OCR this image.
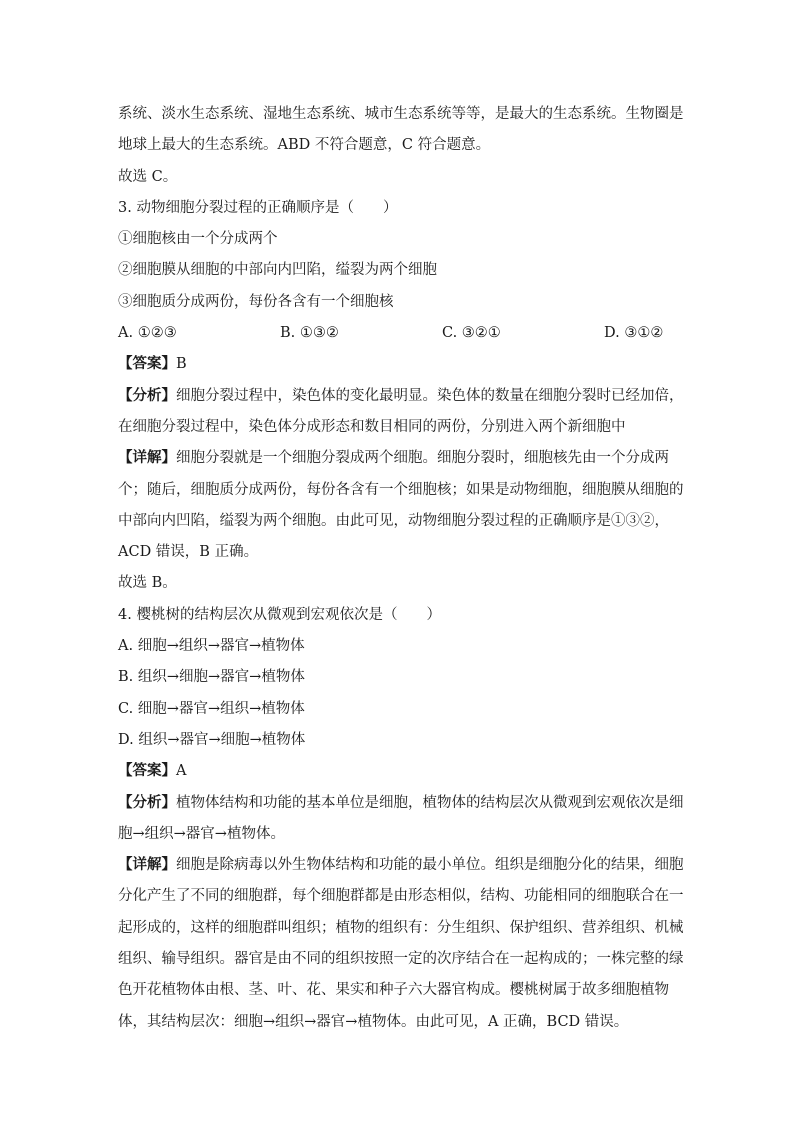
系统、淡水生态系统、湿地生态系统、城市生态系统等等，是最大的生态系统。生物圈是
地球上最大的生态系统。ABD 不符合题意，C 符合题意。
故选 C。
3. 动物细胞分裂过程的正确顺序是（　　）
①细胞核由一个分成两个
②细胞膜从细胞的中部向内凹陷，缢裂为两个细胞
③细胞质分成两份，每份各含有一个细胞核
A. ①②③	B. ①③②	C. ③②①	D. ③①②
【答案】B
【分析】细胞分裂过程中，染色体的变化最明显。染色体的数量在细胞分裂时已经加倍，
在细胞分裂过程中，染色体分成形态和数目相同的两份，分别进入两个新细胞中
【详解】细胞分裂就是一个细胞分裂成两个细胞。细胞分裂时，细胞核先由一个分成两
个；随后，细胞质分成两份，每份各含有一个细胞核；如果是动物细胞，细胞膜从细胞的
中部向内凹陷，缢裂为两个细胞。由此可见，动物细胞分裂过程的正确顺序是①③②，
ACD 错误，B 正确。
故选 B。
4. 樱桃树的结构层次从微观到宏观依次是（　　）
A. 细胞→组织→器官→植物体
B. 组织→细胞→器官→植物体
C. 细胞→器官→组织→植物体
D. 组织→器官→细胞→植物体
【答案】A
【分析】植物体结构和功能的基本单位是细胞，植物体的结构层次从微观到宏观依次是细
胞→组织→器官→植物体。
【详解】细胞是除病毒以外生物体结构和功能的最小单位。组织是细胞分化的结果，细胞
分化产生了不同的细胞群，每个细胞群都是由形态相似，结构、功能相同的细胞联合在一
起形成的，这样的细胞群叫组织；植物的组织有：分生组织、保护组织、营养组织、机械
组织、输导组织。器官是由不同的组织按照一定的次序结合在一起构成的；一株完整的绿
色开花植物体由根、茎、叶、花、果实和种子六大器官构成。樱桃树属于故多细胞植物
体，其结构层次：细胞→组织→器官→植物体。由此可见，A 正确，BCD 错误。
